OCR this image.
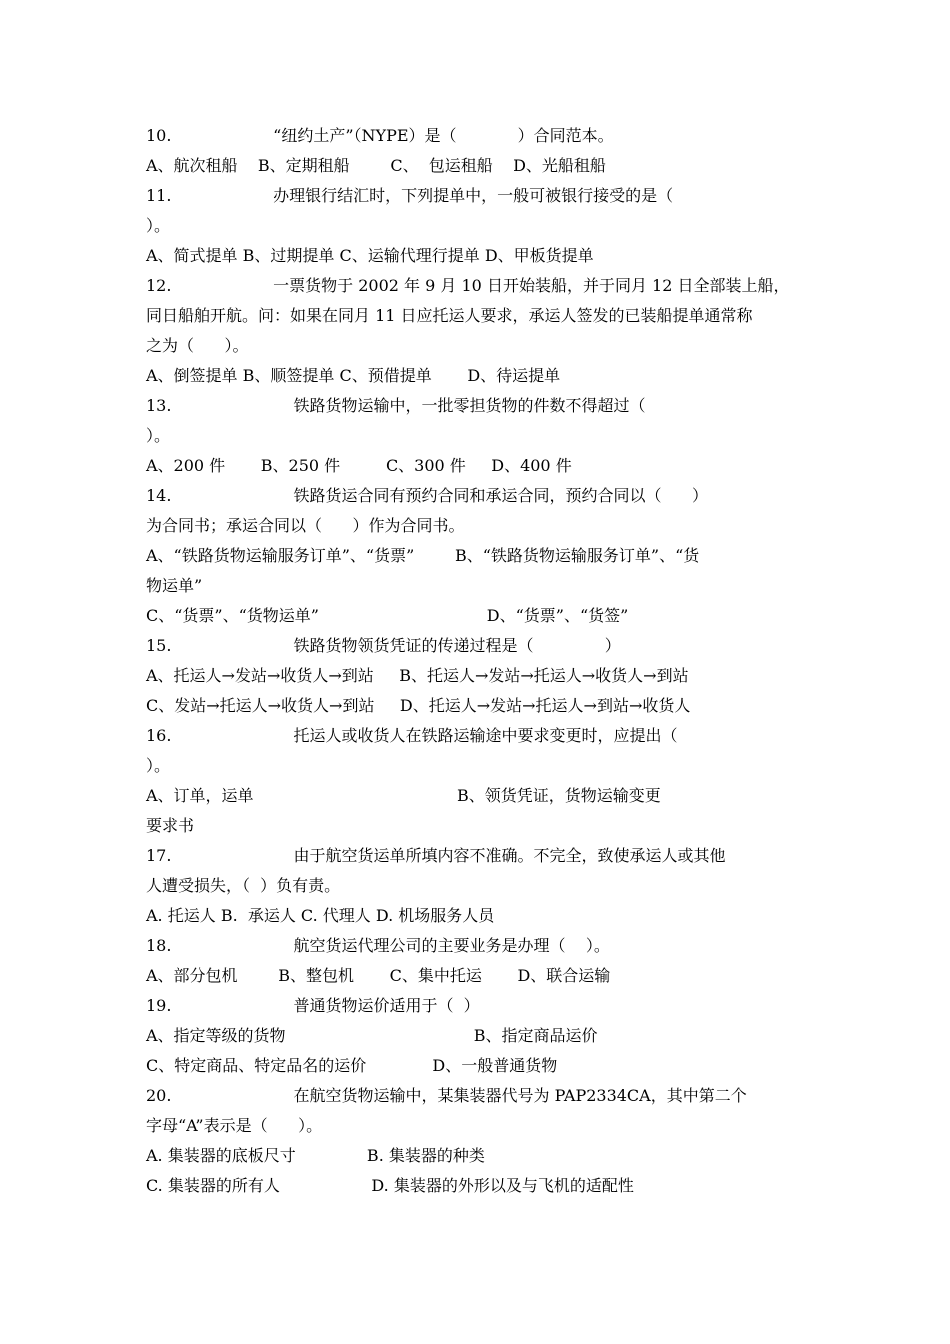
10.                    “纽约土产”（NYPE）是（            ）合同范本。
A、航次租船    B、定期租船        C、  包运租船    D、光船租船
11.                    办理银行结汇时，下列提单中，一般可被银行接受的是（
）。
A、简式提单 B、过期提单 C、运输代理行提单 D、甲板货提单
12.                    一票货物于 2002 年 9 月 10 日开始装船，并于同月 12 日全部装上船，
同日船舶开航。问：如果在同月 11 日应托运人要求，承运人签发的已装船提单通常称
之为（      ）。
A、倒签提单 B、顺签提单 C、预借提单       D、待运提单
13.                        铁路货物运输中，一批零担货物的件数不得超过（
）。
A、200 件       B、250 件         C、300 件     D、400 件
14.                        铁路货运合同有预约合同和承运合同，预约合同以（      ）
为合同书；承运合同以（      ）作为合同书。
A、“铁路货物运输服务订单”、“货票”        B、“铁路货物运输服务订单”、“货
物运单”
C、“货票”、“货物运单”                                 D、“货票”、“货签”
15.                        铁路货物领货凭证的传递过程是（              ）
A、托运人→发站→收货人→到站     B、托运人→发站→托运人→收货人→到站
C、发站→托运人→收货人→到站     D、托运人→发站→托运人→到站→收货人
16.                        托运人或收货人在铁路运输途中要求变更时，应提出（
）。
A、订单，运单                                        B、领货凭证，货物运输变更
要求书
17.                        由于航空货运单所填内容不准确。不完全，致使承运人或其他
人遭受损失，（  ）负有责。
A. 托运人 B.  承运人 C. 代理人 D. 机场服务人员
18.                        航空货运代理公司的主要业务是办理（    ）。
A、部分包机        B、整包机       C、集中托运       D、联合运输
19.                        普通货物运价适用于（  ）
A、指定等级的货物                                     B、指定商品运价
C、特定商品、特定品名的运价             D、一般普通货物
20.                        在航空货物运输中，某集装器代号为 PAP2334CA，其中第二个
字母“A”表示是（      ）。
A. 集装器的底板尺寸              B. 集装器的种类
C. 集装器的所有人                  D. 集装器的外形以及与飞机的适配性
